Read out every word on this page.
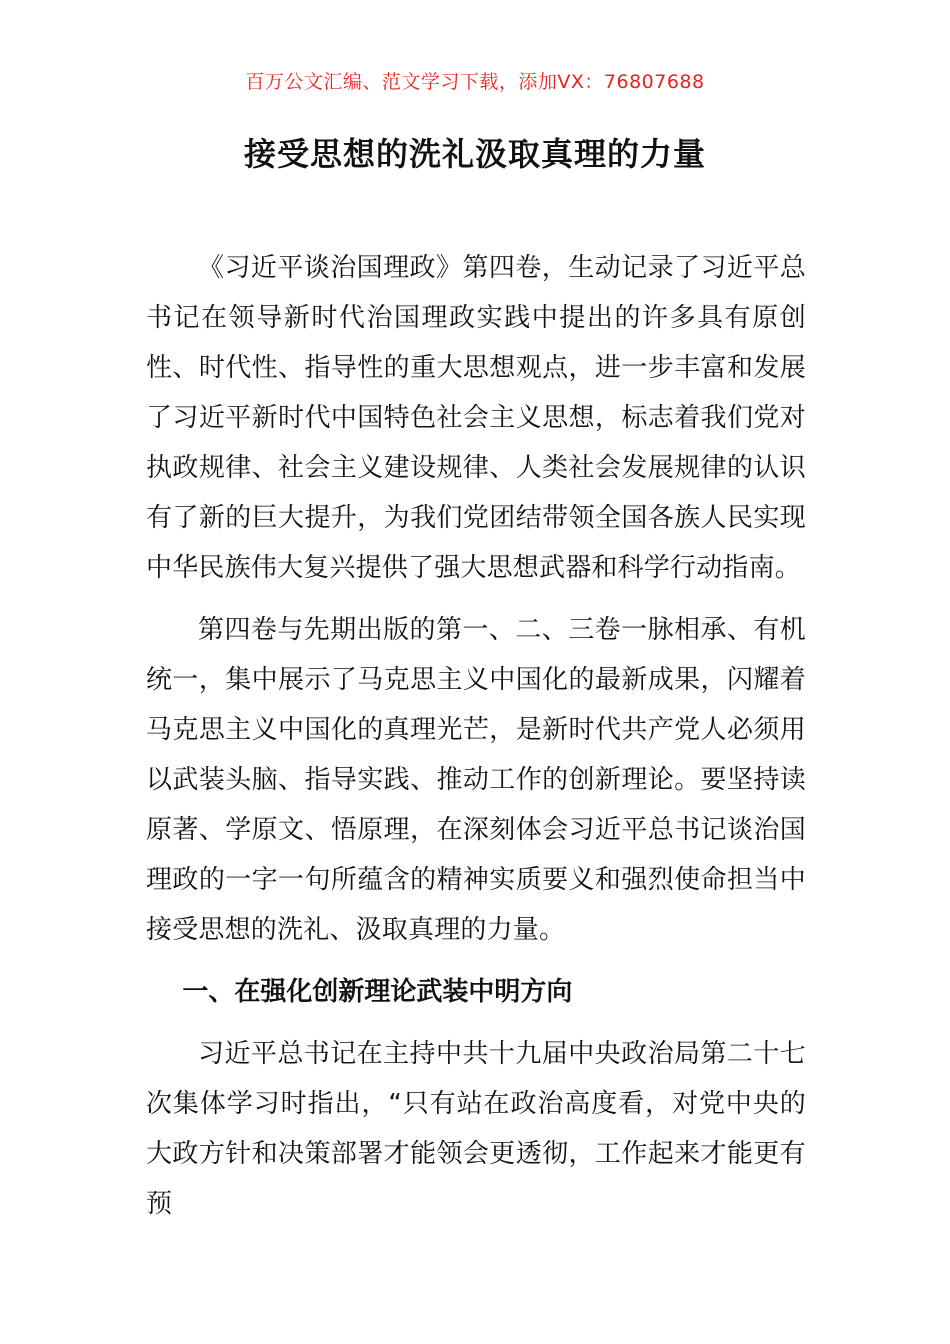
百万公文汇编、范文学习下载，添加VX：76807688
接受思想的洗礼汲取真理的力量

《习近平谈治国理政》第四卷，生动记录了习近平总书记在领导新时代治国理政实践中提出的许多具有原创性、时代性、指导性的重大思想观点，进一步丰富和发展了习近平新时代中国特色社会主义思想，标志着我们党对执政规律、社会主义建设规律、人类社会发展规律的认识有了新的巨大提升，为我们党团结带领全国各族人民实现中华民族伟大复兴提供了强大思想武器和科学行动指南。

第四卷与先期出版的第一、二、三卷一脉相承、有机统一，集中展示了马克思主义中国化的最新成果，闪耀着马克思主义中国化的真理光芒，是新时代共产党人必须用以武装头脑、指导实践、推动工作的创新理论。要坚持读原著、学原文、悟原理，在深刻体会习近平总书记谈治国理政的一字一句所蕴含的精神实质要义和强烈使命担当中接受思想的洗礼、汲取真理的力量。

一、在强化创新理论武装中明方向

习近平总书记在主持中共十九届中央政治局第二十七次集体学习时指出，“只有站在政治高度看，对党中央的大政方针和决策部署才能领会更透彻，工作起来才能更有预
